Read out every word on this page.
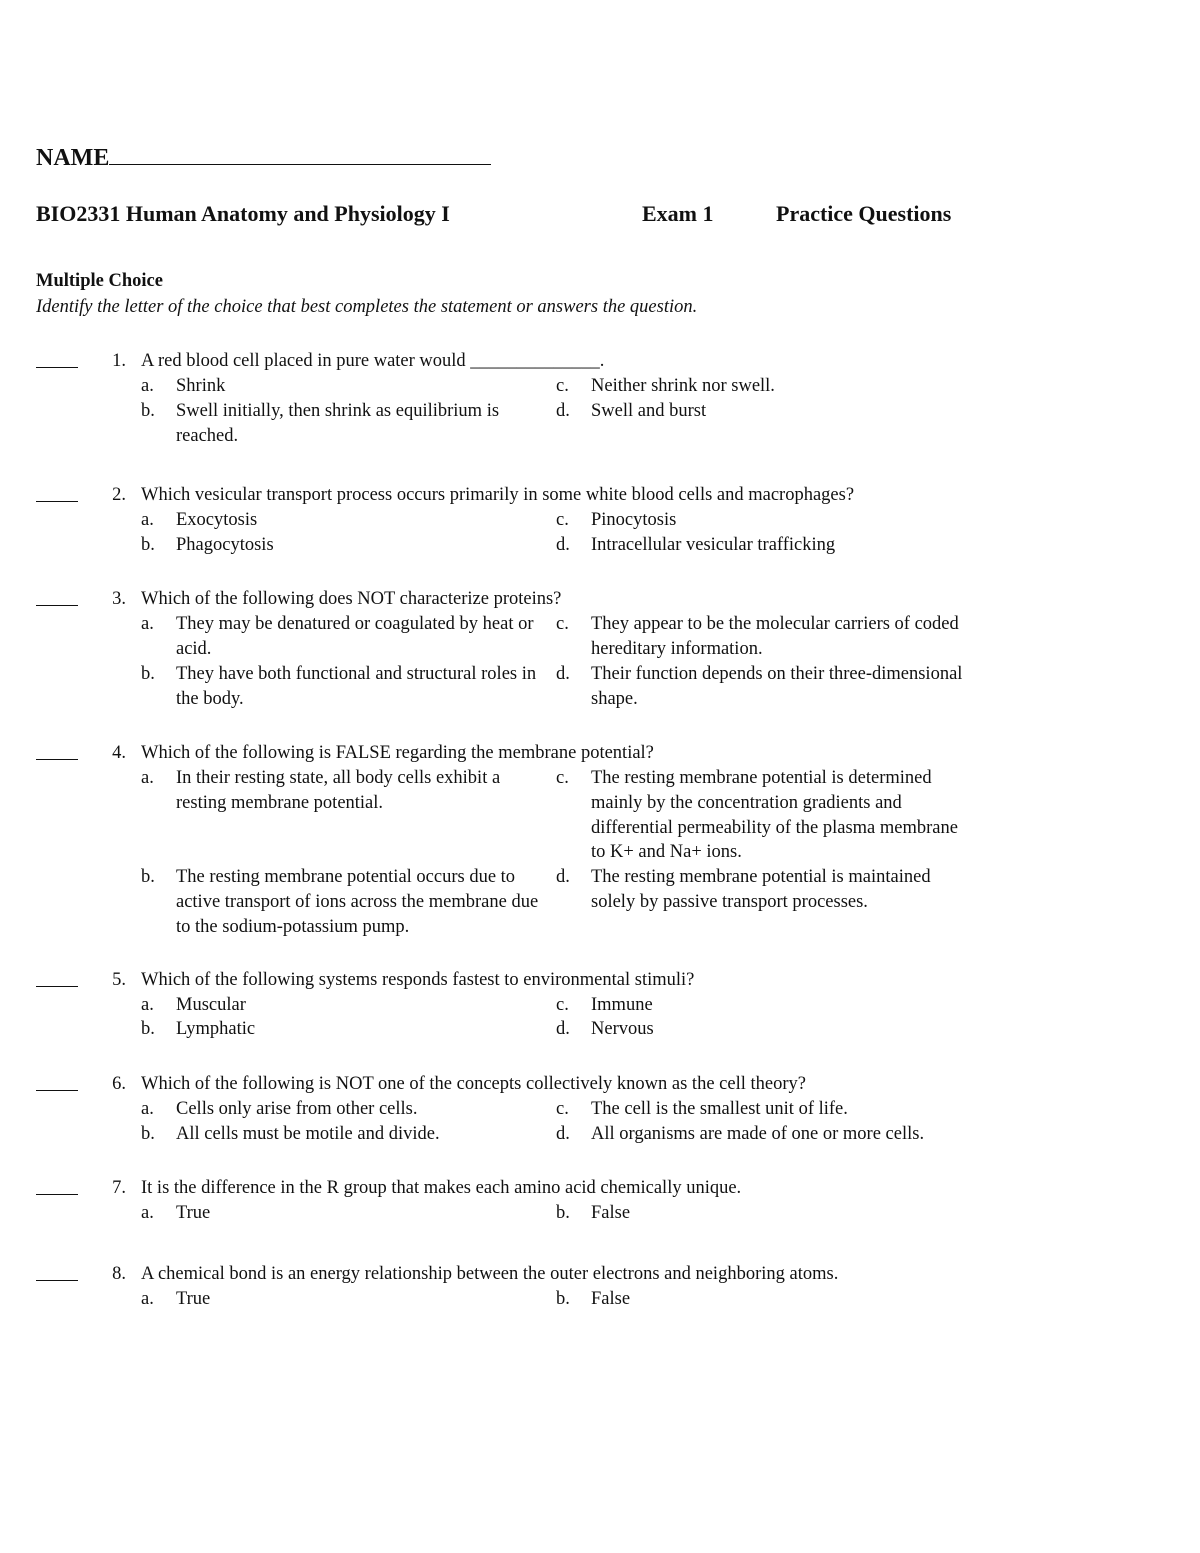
NAME
BIO2331 Human Anatomy and Physiology I	Exam 1	Practice Questions
Multiple Choice
Identify the letter of the choice that best completes the statement or answers the question.
1. A red blood cell placed in pure water would ______________.
a. Shrink
b. Swell initially, then shrink as equilibrium is reached.
c. Neither shrink nor swell.
d. Swell and burst
2. Which vesicular transport process occurs primarily in some white blood cells and macrophages?
a. Exocytosis
b. Phagocytosis
c. Pinocytosis
d. Intracellular vesicular trafficking
3. Which of the following does NOT characterize proteins?
a. They may be denatured or coagulated by heat or acid.
b. They have both functional and structural roles in the body.
c. They appear to be the molecular carriers of coded hereditary information.
d. Their function depends on their three-dimensional shape.
4. Which of the following is FALSE regarding the membrane potential?
a. In their resting state, all body cells exhibit a resting membrane potential.
b. The resting membrane potential occurs due to active transport of ions across the membrane due to the sodium-potassium pump.
c. The resting membrane potential is determined mainly by the concentration gradients and differential permeability of the plasma membrane to K+ and Na+ ions.
d. The resting membrane potential is maintained solely by passive transport processes.
5. Which of the following systems responds fastest to environmental stimuli?
a. Muscular
b. Lymphatic
c. Immune
d. Nervous
6. Which of the following is NOT one of the concepts collectively known as the cell theory?
a. Cells only arise from other cells.
b. All cells must be motile and divide.
c. The cell is the smallest unit of life.
d. All organisms are made of one or more cells.
7. It is the difference in the R group that makes each amino acid chemically unique.
a. True	b. False
8. A chemical bond is an energy relationship between the outer electrons and neighboring atoms.
a. True	b. False
